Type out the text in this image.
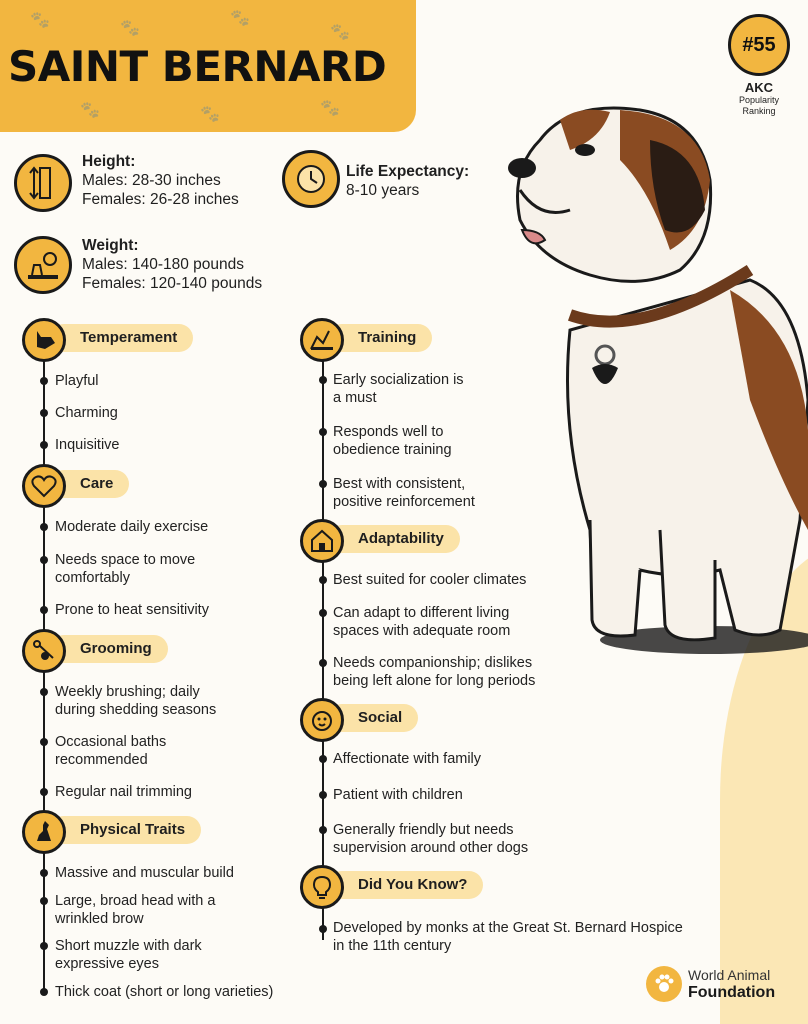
🐾	🐾
🐾
🐾
🐾	🐾	🐾
SAINT BERNARD	#55
AKC
Popularity
Ranking
Height:
Males: 28-30 inches
Females: 26-28 inches
Life Expectancy:
8-10 years
Weight:
Males: 140-180 pounds
Females: 120-140 pounds
Temperament
Playful
Charming
Inquisitive
Care
Moderate daily exercise
Needs space to move
comfortably
Prone to heat sensitivity
Grooming
Weekly brushing; daily
during shedding seasons
Occasional baths
recommended
Regular nail trimming
Physical Traits
Massive and muscular build
Large, broad head with a
wrinkled brow
Short muzzle with dark
expressive eyes
Thick coat (short or long varieties)
Training
Early socialization is
a must
Responds well to
obedience training
Best with consistent,
positive reinforcement
Adaptability
Best suited for cooler climates
Can adapt to different living
spaces with adequate room
Needs companionship; dislikes
being left alone for long periods
Social
Affectionate with family
Patient with children
Generally friendly but needs
supervision around other dogs
Did You Know?
Developed by monks at the Great St. Bernard Hospice
in the 11th century
World Animal
Foundation
